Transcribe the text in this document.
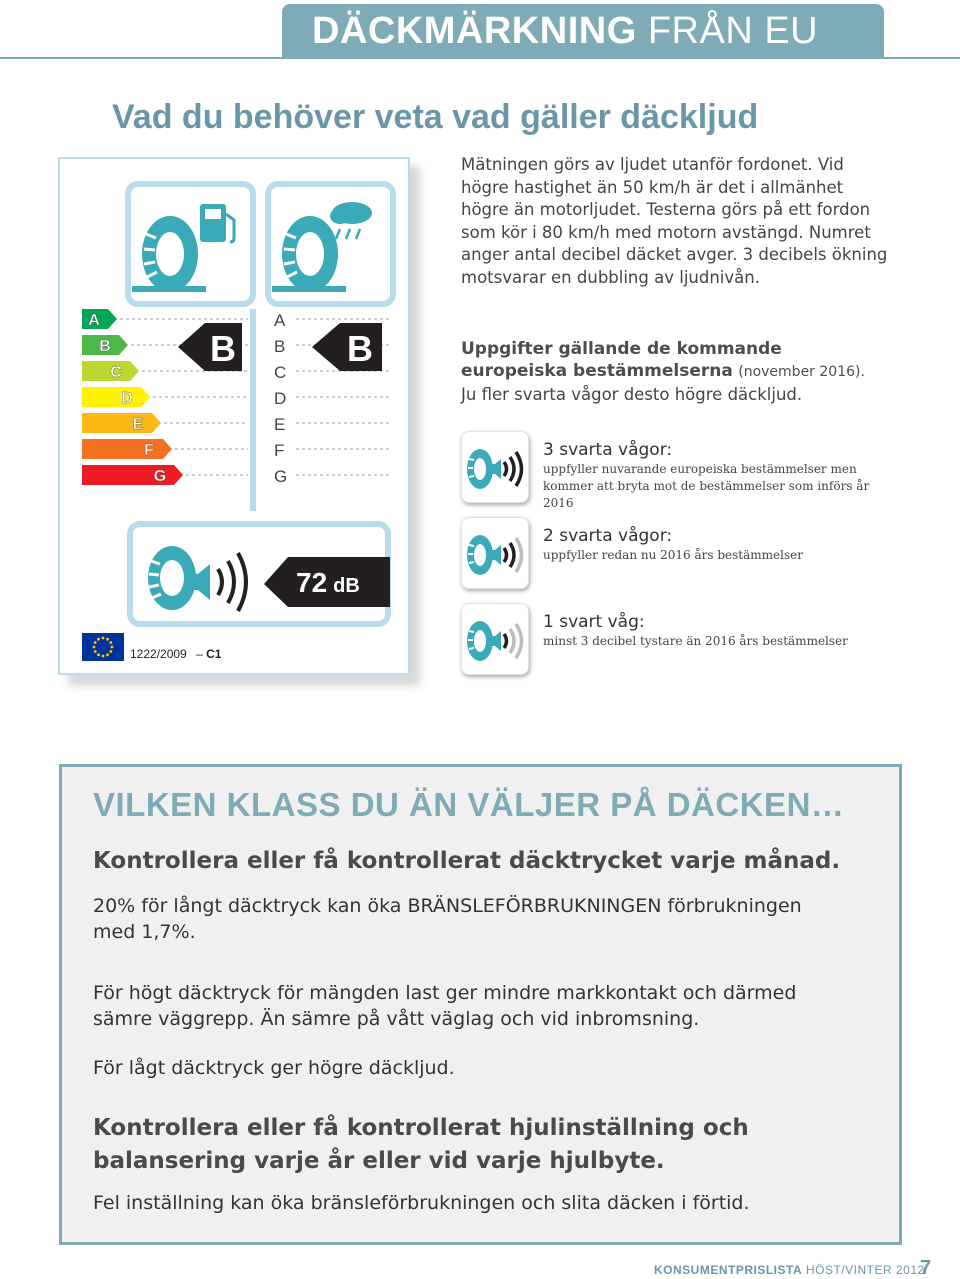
DÄCKMÄRKNING FRÅN EU
Vad du behöver veta vad gäller däckljud
A
B
C
D
E
F
G
A
B
C
D
E
F
G
B	B
72 dB
1222/2009 – C1
Mätningen görs av ljudet utanför fordonet. Vid högre hastighet än 50 km/h är det i allmänhet högre än motorljudet. Testerna görs på ett fordon som kör i 80 km/h med motorn avstängd. Numret anger antal decibel däcket avger. 3 decibels ökning motsvarar en dubbling av ljudnivån.
Uppgifter gällande de kommande europeiska bestämmelserna (november 2016).
Ju fler svarta vågor desto högre däckljud.
3 svarta vågor:
uppfyller nuvarande europeiska bestämmelser men kommer att bryta mot de bestämmelser som införs år 2016
2 svarta vågor:
uppfyller redan nu 2016 års bestämmelser
1 svart våg:
minst 3 decibel tystare än 2016 års bestämmelser
VILKEN KLASS DU ÄN VÄLJER PÅ DÄCKEN…
Kontrollera eller få kontrollerat däcktrycket varje månad.
20% för långt däcktryck kan öka BRÄNSLEFÖRBRUKNINGEN förbrukningen med 1,7%.
För högt däcktryck för mängden last ger mindre markkontakt och därmed sämre väggrepp. Än sämre på vått väglag och vid inbromsning.
För lågt däcktryck ger högre däckljud.
Kontrollera eller få kontrollerat hjulinställning och balansering varje år eller vid varje hjulbyte.
Fel inställning kan öka bränsleförbrukningen och slita däcken i förtid.
KONSUMENTPRISLISTA HÖST/VINTER 2012
7
